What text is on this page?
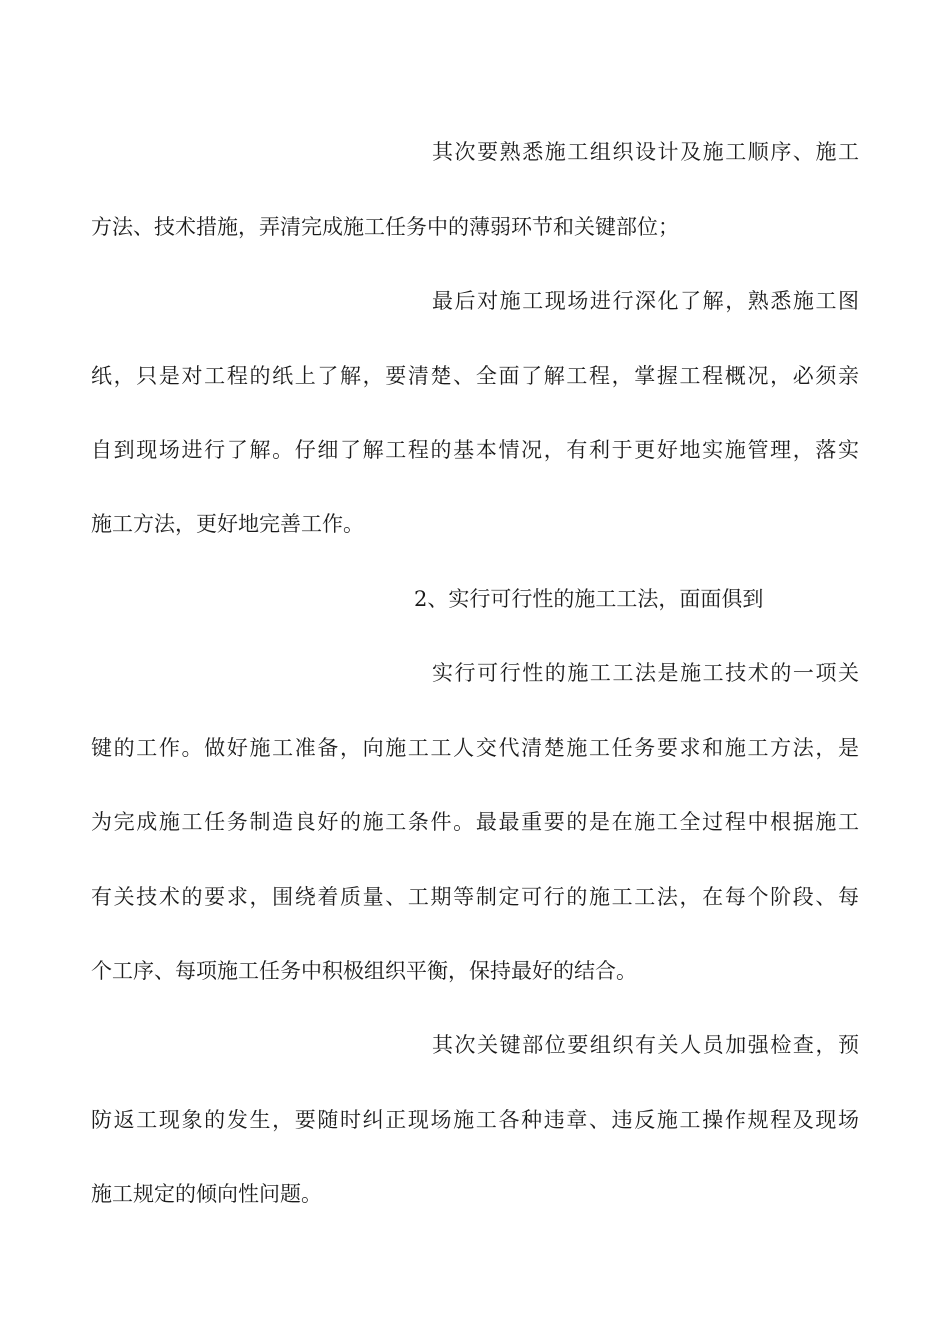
其次要熟悉施工组织设计及施工顺序、施工
方法、技术措施，弄清完成施工任务中的薄弱环节和关键部位；
最后对施工现场进行深化了解，熟悉施工图
纸，只是对工程的纸上了解，要清楚、全面了解工程，掌握工程概况，必须亲
自到现场进行了解。仔细了解工程的基本情况，有利于更好地实施管理，落实
施工方法，更好地完善工作。
2、实行可行性的施工工法，面面俱到
实行可行性的施工工法是施工技术的一项关
键的工作。做好施工准备，向施工工人交代清楚施工任务要求和施工方法，是
为完成施工任务制造良好的施工条件。最最重要的是在施工全过程中根据施工
有关技术的要求，围绕着质量、工期等制定可行的施工工法，在每个阶段、每
个工序、每项施工任务中积极组织平衡，保持最好的结合。
其次关键部位要组织有关人员加强检查，预
防返工现象的发生，要随时纠正现场施工各种违章、违反施工操作规程及现场
施工规定的倾向性问题。
